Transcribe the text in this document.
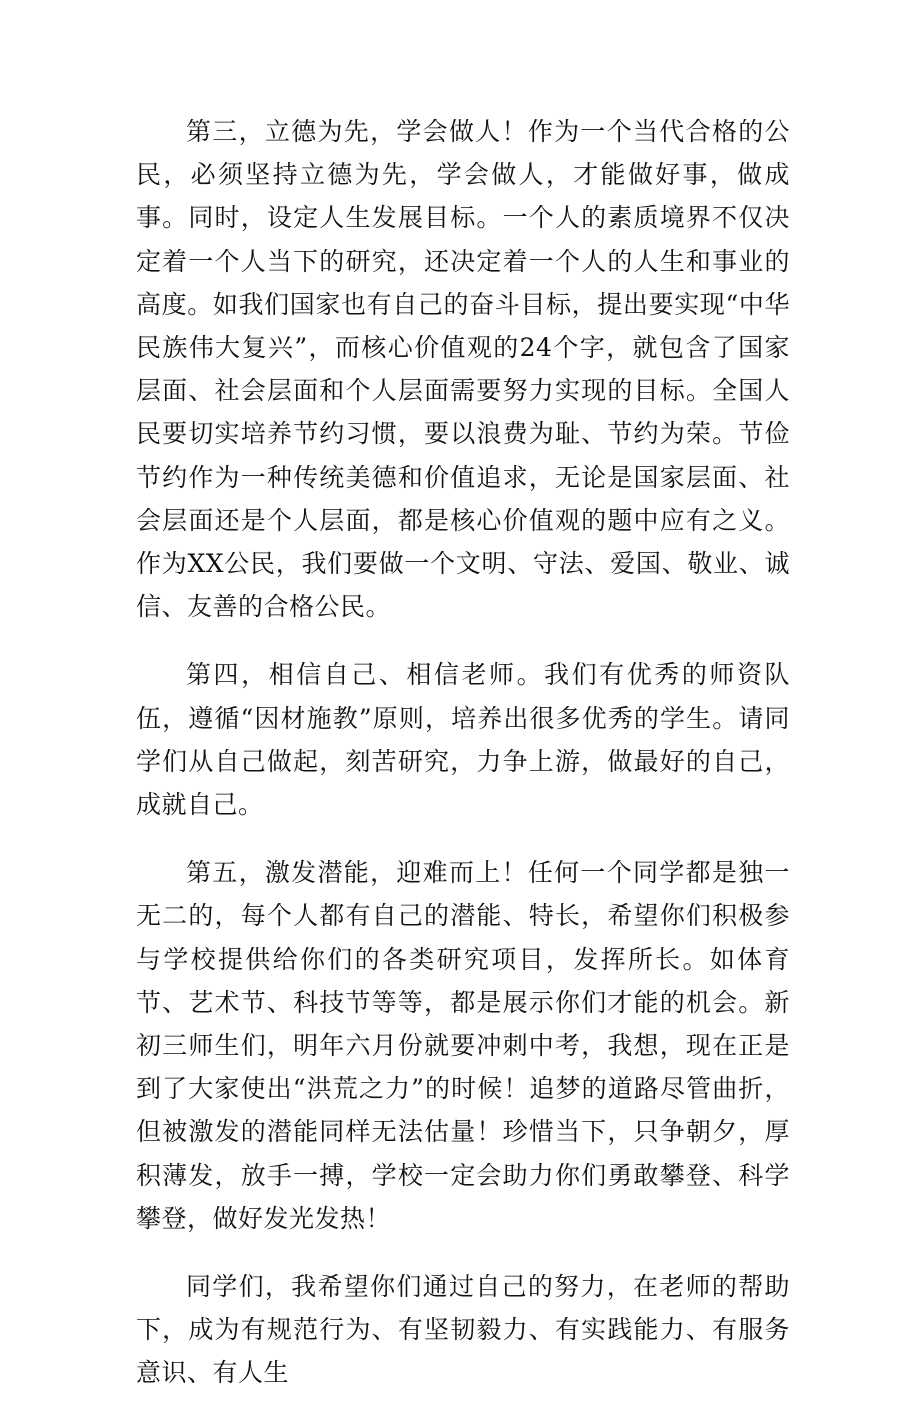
第三，立德为先，学会做人！作为一个当代合格的公民，必须坚持立德为先，学会做人，才能做好事，做成事。同时，设定人生发展目标。一个人的素质境界不仅决定着一个人当下的研究，还决定着一个人的人生和事业的高度。如我们国家也有自己的奋斗目标，提出要实现“中华民族伟大复兴”，而核心价值观的24个字，就包含了国家层面、社会层面和个人层面需要努力实现的目标。全国人民要切实培养节约习惯，要以浪费为耻、节约为荣。节俭节约作为一种传统美德和价值追求，无论是国家层面、社会层面还是个人层面，都是核心价值观的题中应有之义。作为XX公民，我们要做一个文明、守法、爱国、敬业、诚信、友善的合格公民。

第四，相信自己、相信老师。我们有优秀的师资队伍，遵循“因材施教”原则，培养出很多优秀的学生。请同学们从自己做起，刻苦研究，力争上游，做最好的自己，成就自己。

第五，激发潜能，迎难而上！任何一个同学都是独一无二的，每个人都有自己的潜能、特长，希望你们积极参与学校提供给你们的各类研究项目，发挥所长。如体育节、艺术节、科技节等等，都是展示你们才能的机会。新初三师生们，明年六月份就要冲刺中考，我想，现在正是到了大家使出“洪荒之力”的时候！追梦的道路尽管曲折，但被激发的潜能同样无法估量！珍惜当下，只争朝夕，厚积薄发，放手一搏，学校一定会助力你们勇敢攀登、科学攀登，做好发光发热！

同学们，我希望你们通过自己的努力，在老师的帮助下，成为有规范行为、有坚韧毅力、有实践能力、有服务意识、有人生
